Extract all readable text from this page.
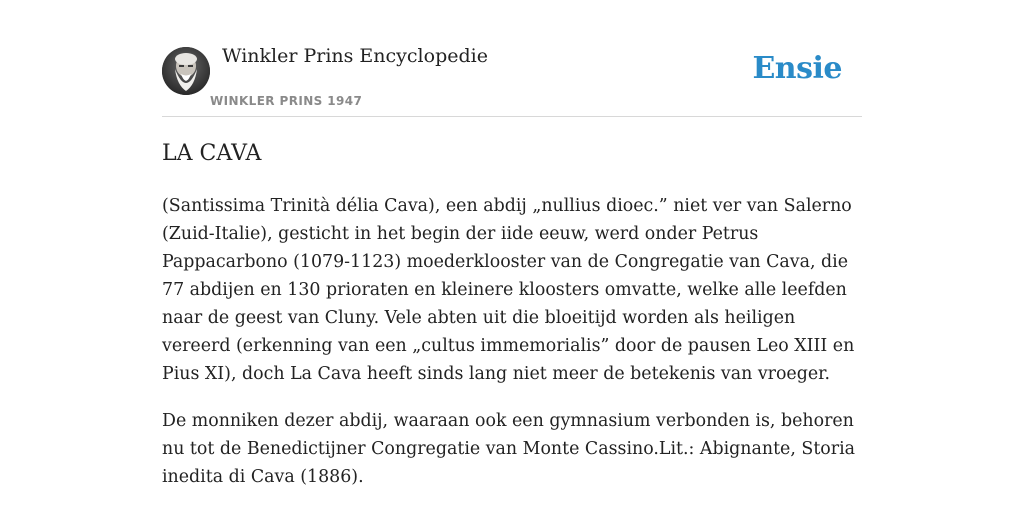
Winkler Prins Encyclopedie
WINKLER PRINS 1947
Ensie
LA CAVA

(Santissima Trinità délia Cava), een abdij „nullius dioec.” niet ver van Salerno (Zuid-Italie), gesticht in het begin der iide eeuw, werd onder Petrus Pappacarbono (1079-1123) moederklooster van de Congregatie van Cava, die 77 abdijen en 130 prioraten en kleinere kloosters omvatte, welke alle leefden naar de geest van Cluny. Vele abten uit die bloeitijd worden als heiligen vereerd (erkenning van een „cultus immemorialis” door de pausen Leo XIII en Pius XI), doch La Cava heeft sinds lang niet meer de betekenis van vroeger.

De monniken dezer abdij, waaraan ook een gymnasium verbonden is, behoren nu tot de Benedictijner Congregatie van Monte Cassino.Lit.: Abignante, Storia inedita di Cava (1886).
